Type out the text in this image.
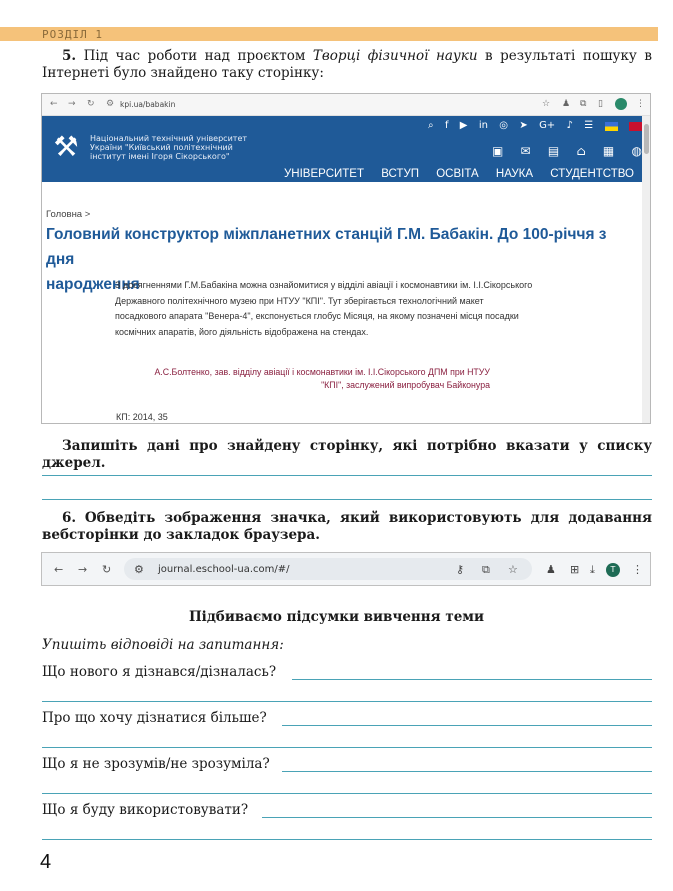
РОЗДІЛ 1
5. Під час роботи над проєктом Творці фізичної науки в результаті пошуку в Інтернеті було знайдено таку сторінку:
← → ↻ ⚙ kpi.ua/babakin	☆ ♟ ⧉ ▯	⋮
⚒	Національний технічний університет
України "Київський політехнічний
інститут імені Ігоря Сікорського"
⌕ f ▶ in ◎ ➤ G+ ♪ ☰
▣ ✉ ▤ ⌂ ▦ ◍
УНІВЕРСИТЕТ ВСТУП ОСВІТА НАУКА СТУДЕНТСТВО
Головна >
Головний конструктор міжпланетних станцій Г.М. Бабакін. До 100-річчя з дня
народження
З досягненнями Г.М.Бабакіна можна ознайомитися у відділі авіації і космонавтики ім. І.І.Сікорського Державного політехнічного музею при НТУУ "КПІ". Тут зберігається технологічний макет посадкового апарата "Венера-4", експонується глобус Місяця, на якому позначені місця посадки космічних апаратів, його діяльність відображена на стендах.
А.С.Болтенко, зав. відділу авіації і космонавтики ім. І.І.Сікорського ДПМ при НТУУ
"КПІ", заслужений випробувач Байконура
КП: 2014, 35
Запишіть дані про знайдену сторінку, які потрібно вказати у списку джерел.
6. Обведіть зображення значка, який використовують для додавання вебсторінки до закладок браузера.
← → ↻ ⚙ journal.eschool-ua.com/#/	⚷ ⧉ ☆	♟ ⊞ ⤓	T	⋮
Підбиваємо підсумки вивчення теми
Упишіть відповіді на запитання:
Що нового я дізнався/дізналась?
Про що хочу дізнатися більше?
Що я не зрозумів/не зрозуміла?
Що я буду використовувати?
4
